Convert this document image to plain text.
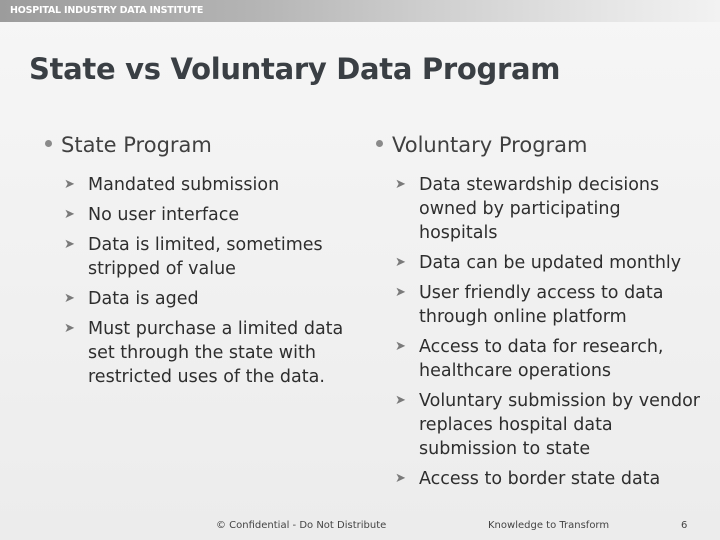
HOSPITAL INDUSTRY DATA INSTITUTE
State vs Voluntary Data Program
State Program
➤ Mandated submission
➤ No user interface
➤ Data is limited, sometimes stripped of value
➤ Data is aged
➤ Must purchase a limited data set through the state with restricted uses of the data.
Voluntary Program
➤ Data stewardship decisions owned by participating hospitals
➤ Data can be updated monthly
➤ User friendly access to data through online platform
➤ Access to data for research, healthcare operations
➤ Voluntary submission by vendor replaces hospital data submission to state
➤ Access to border state data
© Confidential - Do Not Distribute	Knowledge to Transform	6
